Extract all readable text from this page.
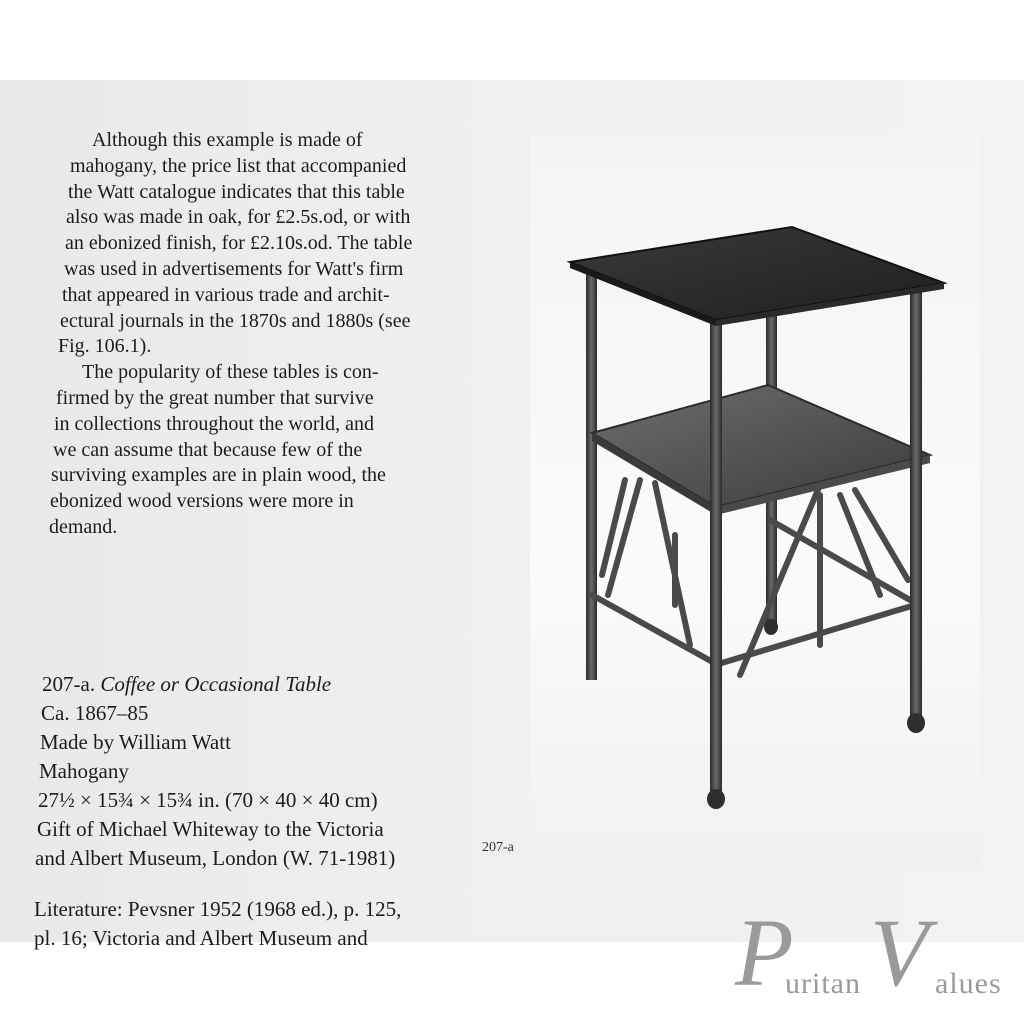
Although this example is made of
mahogany, the price list that accompanied
the Watt catalogue indicates that this table
also was made in oak, for £2.5s.od, or with
an ebonized finish, for £2.10s.od. The table
was used in advertisements for Watt's firm
that appeared in various trade and archit-
ectural journals in the 1870s and 1880s (see
Fig. 106.1).
The popularity of these tables is con-
firmed by the great number that survive
in collections throughout the world, and
we can assume that because few of the
surviving examples are in plain wood, the
ebonized wood versions were more in
demand.
207-a. Coffee or Occasional Table
Ca. 1867–85
Made by William Watt
Mahogany
27½ × 15¾ × 15¾ in. (70 × 40 × 40 cm)
Gift of Michael Whiteway to the Victoria
and Albert Museum, London (W. 71-1981)
Literature: Pevsner 1952 (1968 ed.), p. 125,
pl. 16; Victoria and Albert Museum and
207-a
P
uritan V alues
